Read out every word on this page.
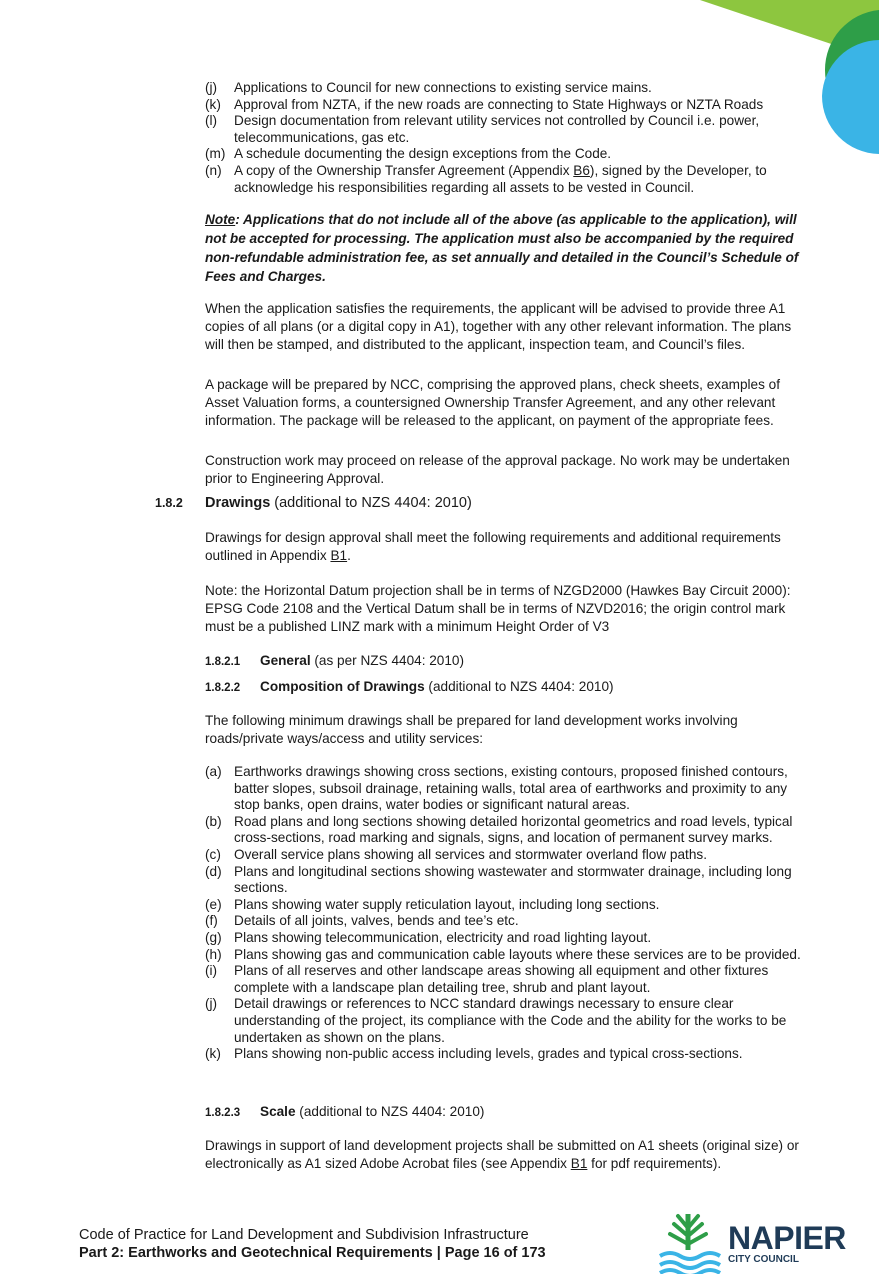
(j) Applications to Council for new connections to existing service mains.
(k) Approval from NZTA, if the new roads are connecting to State Highways or NZTA Roads
(l) Design documentation from relevant utility services not controlled by Council i.e. power, telecommunications, gas etc.
(m) A schedule documenting the design exceptions from the Code.
(n) A copy of the Ownership Transfer Agreement (Appendix B6), signed by the Developer, to acknowledge his responsibilities regarding all assets to be vested in Council.

Note: Applications that do not include all of the above (as applicable to the application), will not be accepted for processing. The application must also be accompanied by the required non-refundable administration fee, as set annually and detailed in the Council’s Schedule of Fees and Charges.

When the application satisfies the requirements, the applicant will be advised to provide three A1 copies of all plans (or a digital copy in A1), together with any other relevant information. The plans will then be stamped, and distributed to the applicant, inspection team, and Council’s files.

A package will be prepared by NCC, comprising the approved plans, check sheets, examples of Asset Valuation forms, a countersigned Ownership Transfer Agreement, and any other relevant information. The package will be released to the applicant, on payment of the appropriate fees.

Construction work may proceed on release of the approval package. No work may be undertaken prior to Engineering Approval.

1.8.2 Drawings (additional to NZS 4404: 2010)

Drawings for design approval shall meet the following requirements and additional requirements outlined in Appendix B1.

Note: the Horizontal Datum projection shall be in terms of NZGD2000 (Hawkes Bay Circuit 2000): EPSG Code 2108 and the Vertical Datum shall be in terms of NZVD2016; the origin control mark must be a published LINZ mark with a minimum Height Order of V3

1.8.2.1 General (as per NZS 4404: 2010)
1.8.2.2 Composition of Drawings (additional to NZS 4404: 2010)

The following minimum drawings shall be prepared for land development works involving roads/private ways/access and utility services:

(a) Earthworks drawings showing cross sections, existing contours, proposed finished contours, batter slopes, subsoil drainage, retaining walls, total area of earthworks and proximity to any stop banks, open drains, water bodies or significant natural areas.
(b) Road plans and long sections showing detailed horizontal geometrics and road levels, typical cross-sections, road marking and signals, signs, and location of permanent survey marks.
(c) Overall service plans showing all services and stormwater overland flow paths.
(d) Plans and longitudinal sections showing wastewater and stormwater drainage, including long sections.
(e) Plans showing water supply reticulation layout, including long sections.
(f) Details of all joints, valves, bends and tee’s etc.
(g) Plans showing telecommunication, electricity and road lighting layout.
(h) Plans showing gas and communication cable layouts where these services are to be provided.
(i) Plans of all reserves and other landscape areas showing all equipment and other fixtures complete with a landscape plan detailing tree, shrub and plant layout.
(j) Detail drawings or references to NCC standard drawings necessary to ensure clear understanding of the project, its compliance with the Code and the ability for the works to be undertaken as shown on the plans.
(k) Plans showing non-public access including levels, grades and typical cross-sections.
1.8.2.3 Scale (additional to NZS 4404: 2010)

Drawings in support of land development projects shall be submitted on A1 sheets (original size) or electronically as A1 sized Adobe Acrobat files (see Appendix B1 for pdf requirements).

Code of Practice for Land Development and Subdivision Infrastructure
Part 2: Earthworks and Geotechnical Requirements | Page 16 of 173	NAPIER
CITY COUNCIL
